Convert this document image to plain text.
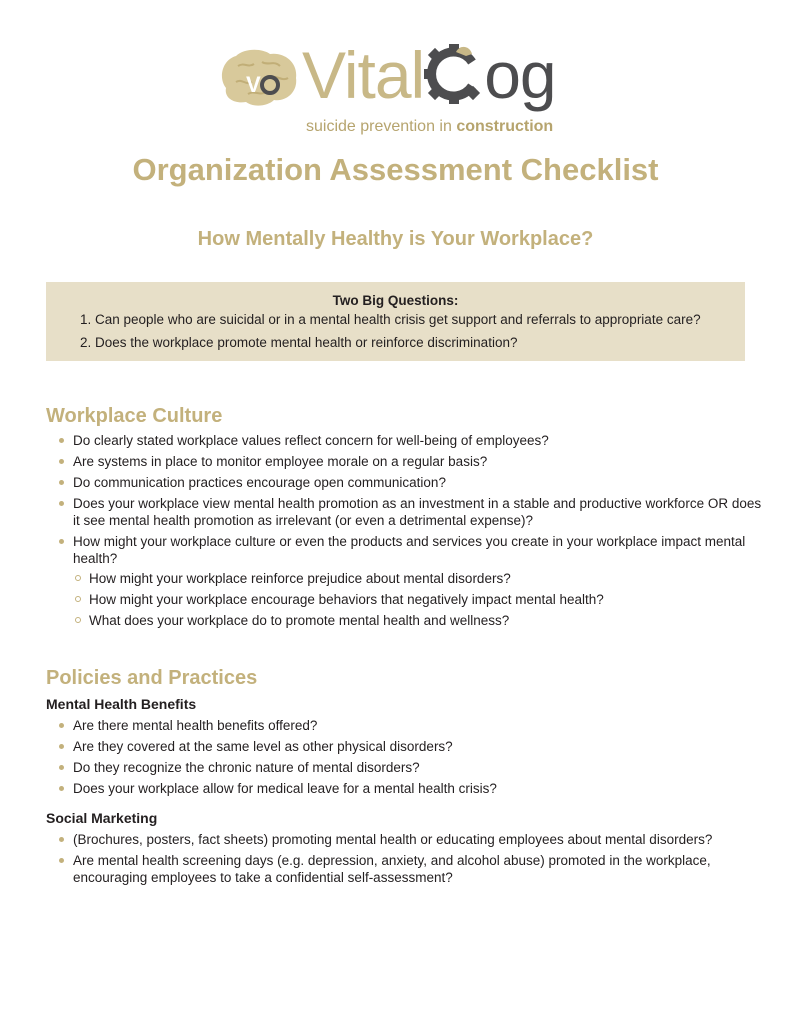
V Vital og
suicide prevention in construction
Organization Assessment Checklist
How Mentally Healthy is Your Workplace?
Two Big Questions:
1. Can people who are suicidal or in a mental health crisis get support and referrals to appropriate care?
2. Does the workplace promote mental health or reinforce discrimination?
Workplace Culture
Do clearly stated workplace values reflect concern for well-being of employees?
Are systems in place to monitor employee morale on a regular basis?
Do communication practices encourage open communication?
Does your workplace view mental health promotion as an investment in a stable and productive workforce OR does it see mental health promotion as irrelevant (or even a detrimental expense)?
How might your workplace culture or even the products and services you create in your workplace impact mental health?
How might your workplace reinforce prejudice about mental disorders?
How might your workplace encourage behaviors that negatively impact mental health?
What does your workplace do to promote mental health and wellness?
Policies and Practices
Mental Health Benefits
Are there mental health benefits offered?
Are they covered at the same level as other physical disorders?
Do they recognize the chronic nature of mental disorders?
Does your workplace allow for medical leave for a mental health crisis?
Social Marketing
(Brochures, posters, fact sheets) promoting mental health or educating employees about mental disorders?
Are mental health screening days (e.g. depression, anxiety, and alcohol abuse) promoted in the workplace, encouraging employees to take a confidential self-assessment?
